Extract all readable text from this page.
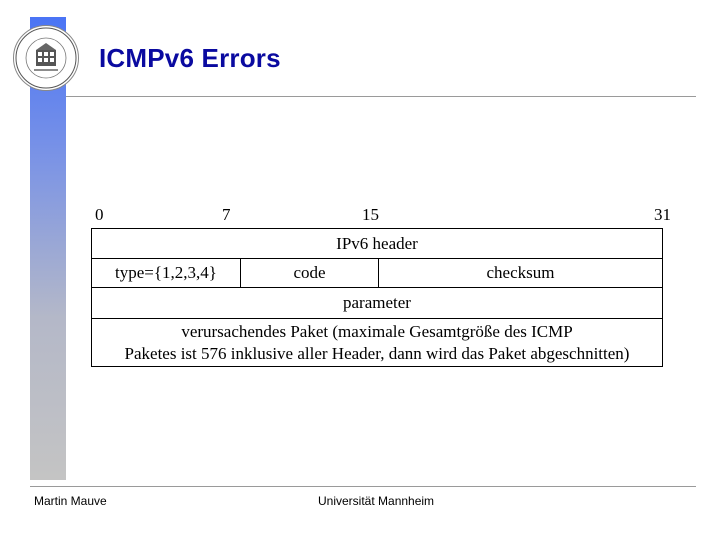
ICMPv6 Errors
0	7	15	31
IPv6 header
type={1,2,3,4}	code	checksum
parameter
verursachendes Paket (maximale Gesamtgröße des ICMP
Paketes ist 576 inklusive aller Header, dann wird das Paket abgeschnitten)
Martin Mauve	Universität Mannheim
